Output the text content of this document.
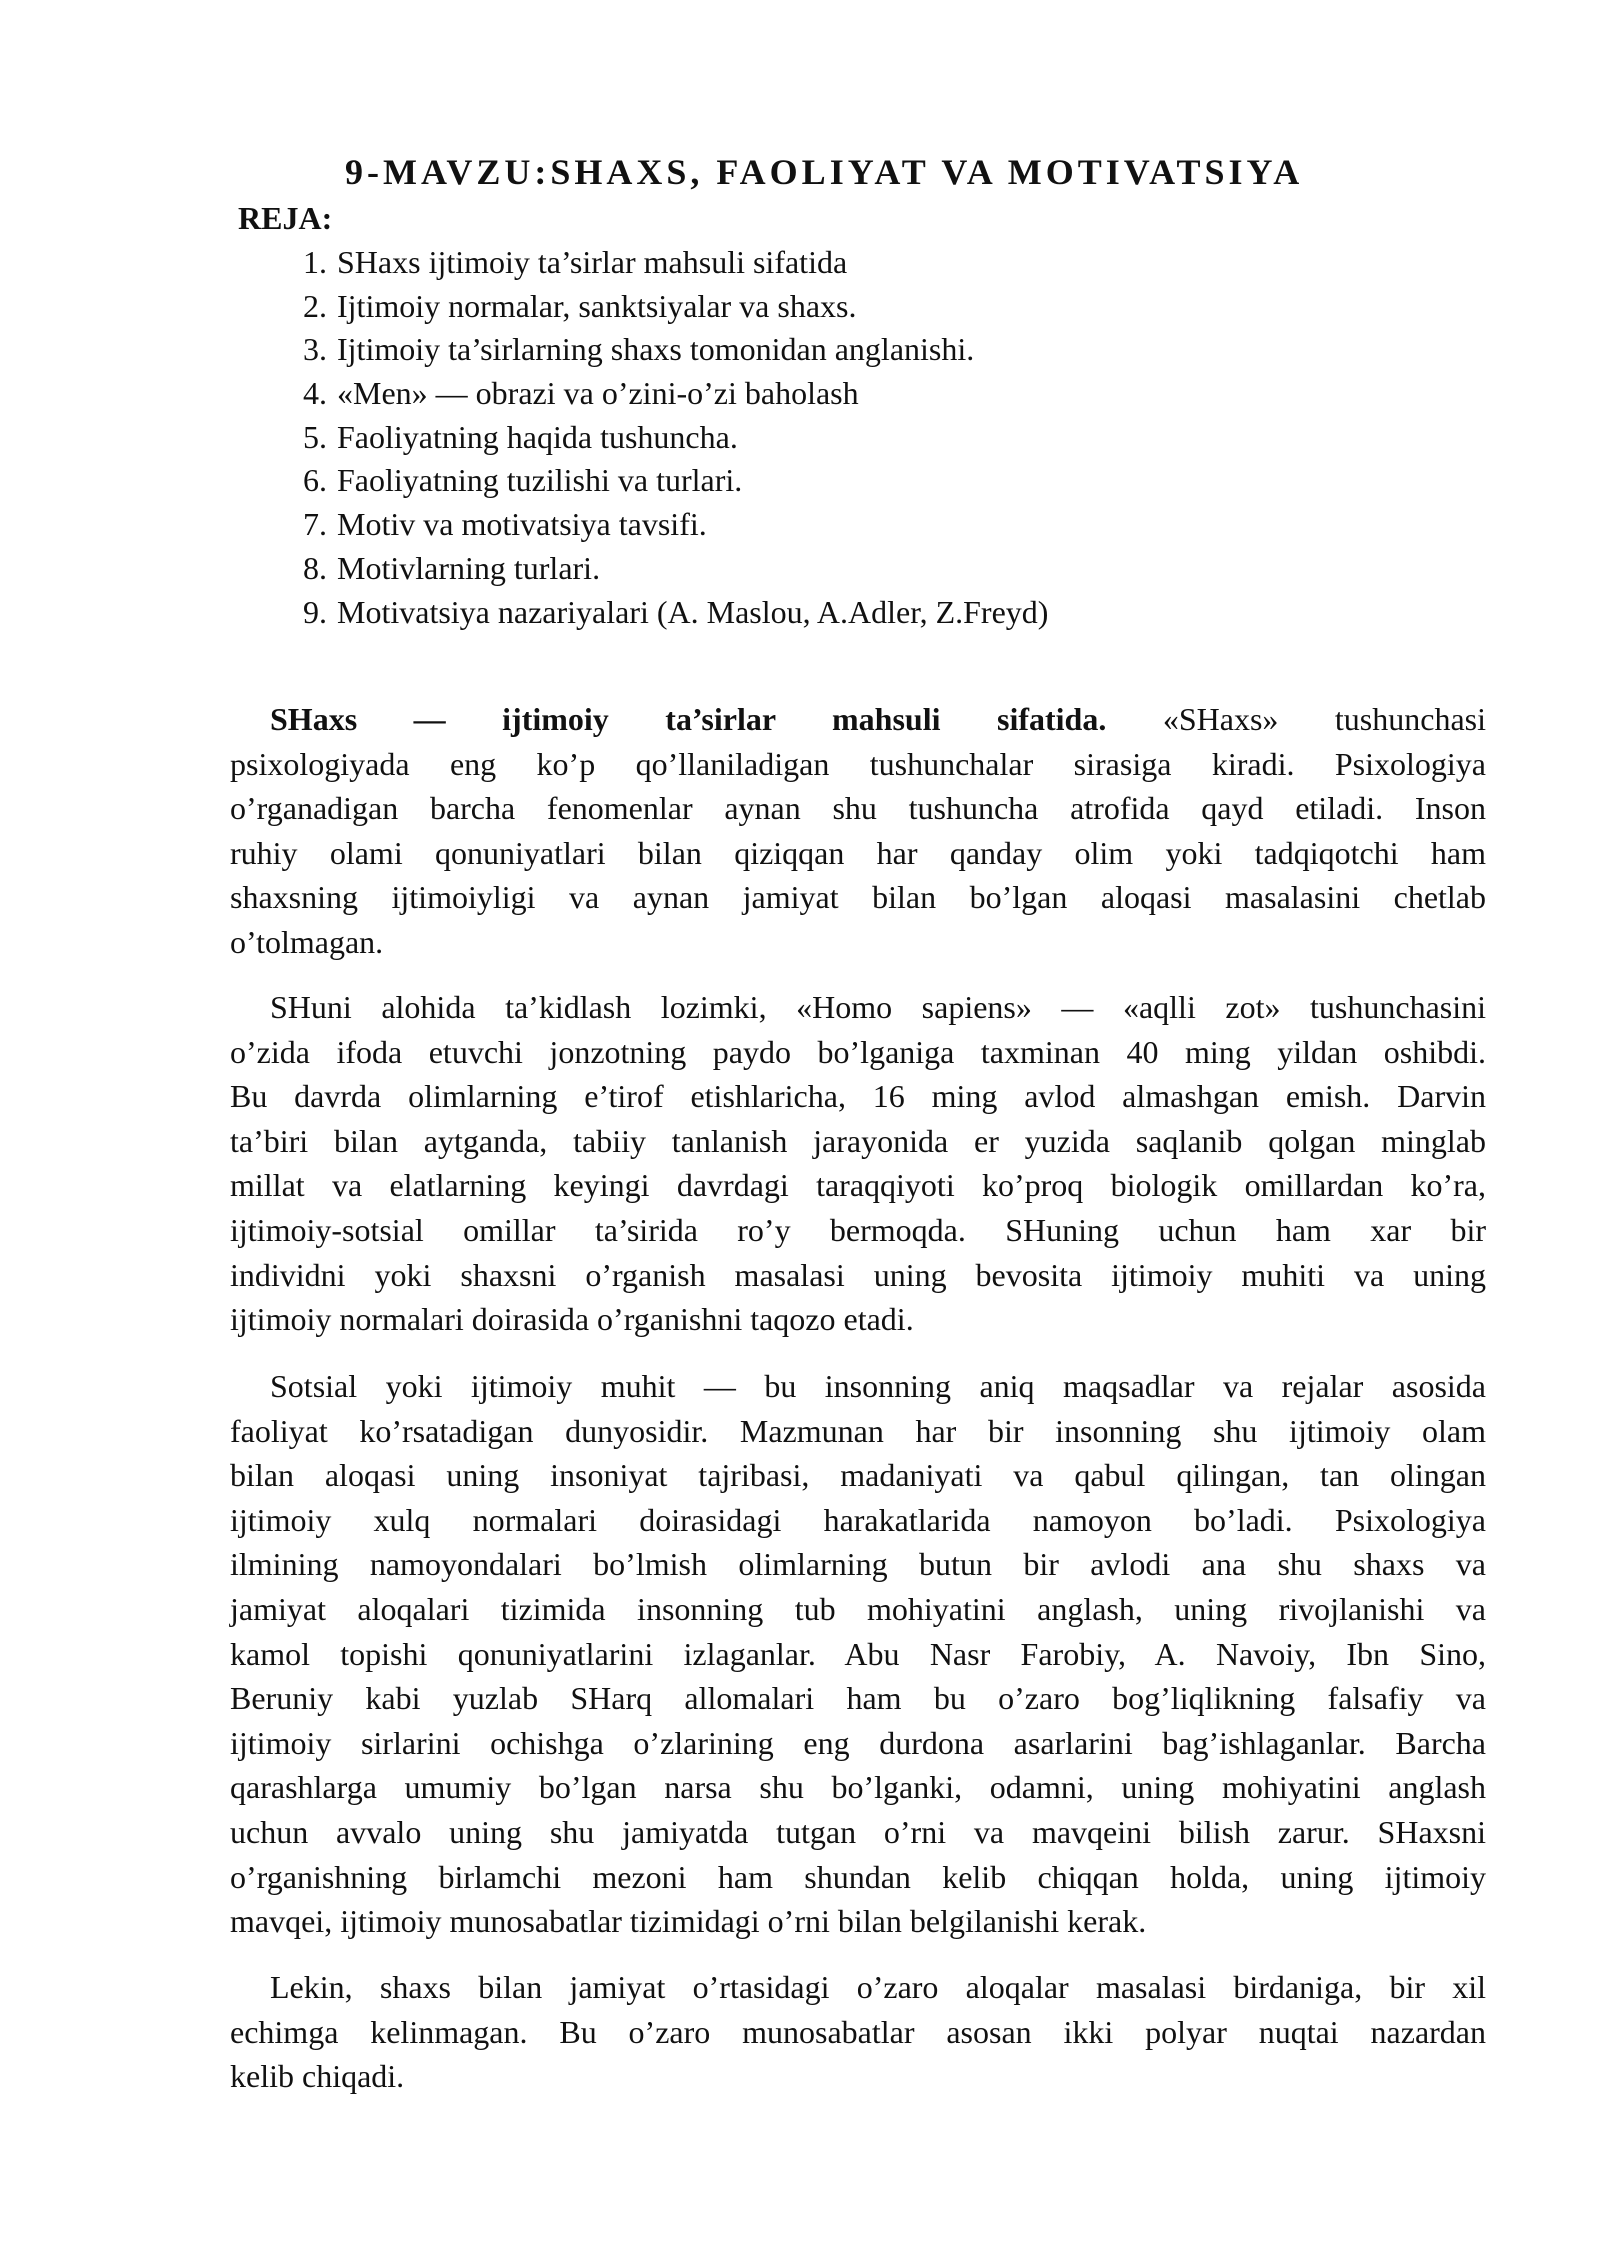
9-MAVZU:SHAXS, FAOLIYAT VA MOTIVATSIYA
REJA:
1. SHaxs ijtimoiy ta’sirlar mahsuli sifatida
2. Ijtimoiy normalar, sanktsiyalar va shaxs.
3. Ijtimoiy ta’sirlarning shaxs tomonidan anglanishi.
4. «Men» — obrazi va o’zini-o’zi baholash
5. Faoliyatning haqida tushuncha.
6. Faoliyatning tuzilishi va turlari.
7. Motiv va motivatsiya tavsifi.
8. Motivlarning turlari.
9. Motivatsiya nazariyalari (A. Maslou, A.Adler, Z.Freyd)
SHaxs — ijtimoiy ta’sirlar mahsuli sifatida. «SHaxs» tushunchasi
psixologiyada eng ko’p qo’llaniladigan tushunchalar sirasiga kiradi. Psixologiya
o’rganadigan barcha fenomenlar aynan shu tushuncha atrofida qayd etiladi. Inson
ruhiy olami qonuniyatlari bilan qiziqqan har qanday olim yoki tadqiqotchi ham
shaxsning ijtimoiyligi va aynan jamiyat bilan bo’lgan aloqasi masalasini chetlab
o’tolmagan.
SHuni alohida ta’kidlash lozimki, «Homo sapiens» — «aqlli zot» tushunchasini
o’zida ifoda etuvchi jonzotning paydo bo’lganiga taxminan 40 ming yildan oshibdi.
Bu davrda olimlarning e’tirof etishlaricha, 16 ming avlod almashgan emish. Darvin
ta’biri bilan aytganda, tabiiy tanlanish jarayonida er yuzida saqlanib qolgan minglab
millat va elatlarning keyingi davrdagi taraqqiyoti ko’proq biologik omillardan ko’ra,
ijtimoiy-sotsial omillar ta’sirida ro’y bermoqda. SHuning uchun ham xar bir
individni yoki shaxsni o’rganish masalasi uning bevosita ijtimoiy muhiti va uning
ijtimoiy normalari doirasida o’rganishni taqozo etadi.
Sotsial yoki ijtimoiy muhit — bu insonning aniq maqsadlar va rejalar asosida
faoliyat ko’rsatadigan dunyosidir. Mazmunan har bir insonning shu ijtimoiy olam
bilan aloqasi uning insoniyat tajribasi, madaniyati va qabul qilingan, tan olingan
ijtimoiy xulq normalari doirasidagi harakatlarida namoyon bo’ladi. Psixologiya
ilmining namoyondalari bo’lmish olimlarning butun bir avlodi ana shu shaxs va
jamiyat aloqalari tizimida insonning tub mohiyatini anglash, uning rivojlanishi va
kamol topishi qonuniyatlarini izlaganlar. Abu Nasr Farobiy, A. Navoiy, Ibn Sino,
Beruniy kabi yuzlab SHarq allomalari ham bu o’zaro bog’liqlikning falsafiy va
ijtimoiy sirlarini ochishga o’zlarining eng durdona asarlarini bag’ishlaganlar. Barcha
qarashlarga umumiy bo’lgan narsa shu bo’lganki, odamni, uning mohiyatini anglash
uchun avvalo uning shu jamiyatda tutgan o’rni va mavqeini bilish zarur. SHaxsni
o’rganishning birlamchi mezoni ham shundan kelib chiqqan holda, uning ijtimoiy
mavqei, ijtimoiy munosabatlar tizimidagi o’rni bilan belgilanishi kerak.
Lekin, shaxs bilan jamiyat o’rtasidagi o’zaro aloqalar masalasi birdaniga, bir xil
echimga kelinmagan. Bu o’zaro munosabatlar asosan ikki polyar nuqtai nazardan
kelib chiqadi.
